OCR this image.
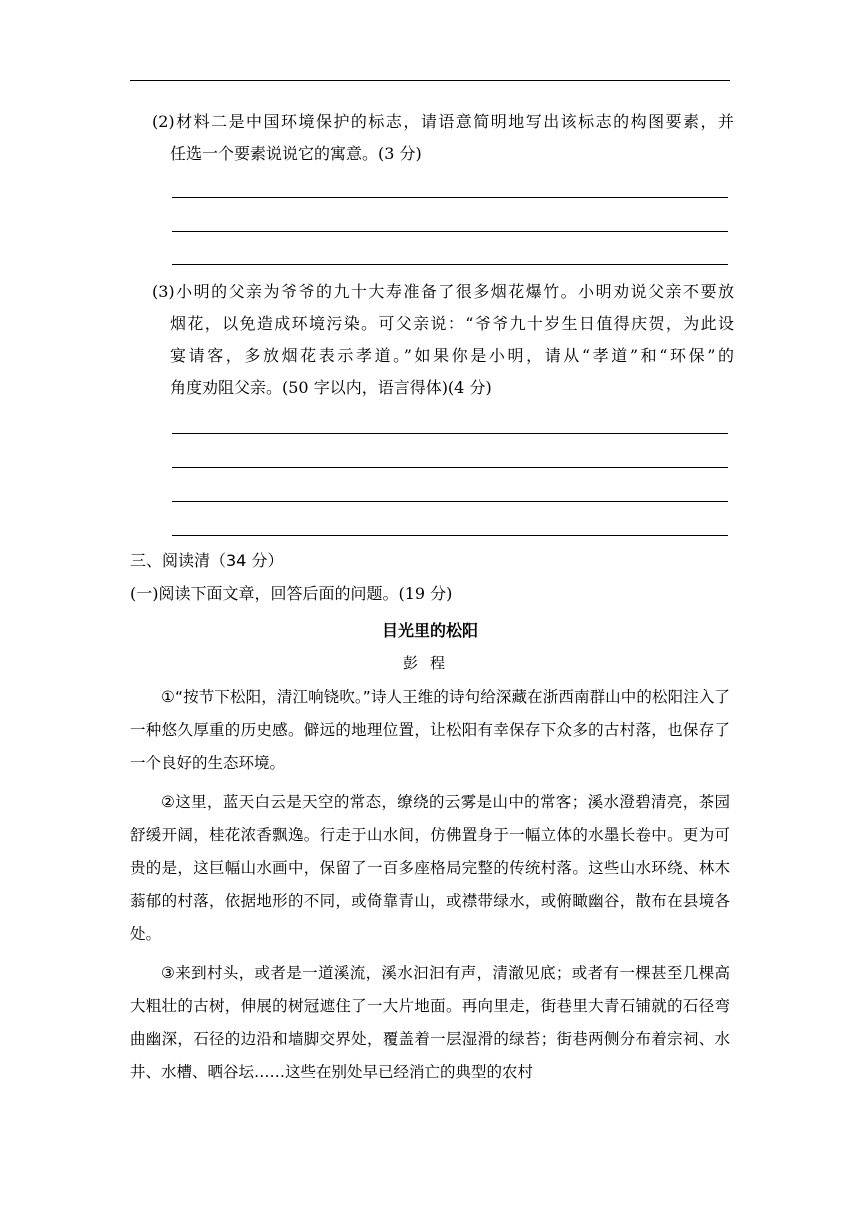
(2)材料二是中国环境保护的标志，请语意简明地写出该标志的构图要素，并

任选一个要素说说它的寓意。(3 分)

(3)小明的父亲为爷爷的九十大寿准备了很多烟花爆竹。小明劝说父亲不要放

烟花，以免造成环境污染。可父亲说：“爷爷九十岁生日值得庆贺，为此设

宴请客，多放烟花表示孝道。”如果你是小明，请从“孝道”和“环保”的

角度劝阻父亲。(50 字以内，语言得体)(4 分)

三、阅读清（34 分）
(一)阅读下面文章，回答后面的问题。(19 分)
目光里的松阳
彭程

①“按节下松阳，清江响铙吹。”诗人王维的诗句给深藏在浙西南群山中的松阳注入了一种悠久厚重的历史感。僻远的地理位置，让松阳有幸保存下众多的古村落，也保存了一个良好的生态环境。

②这里，蓝天白云是天空的常态，缭绕的云雾是山中的常客；溪水澄碧清亮，茶园舒缓开阔，桂花浓香飘逸。行走于山水间，仿佛置身于一幅立体的水墨长卷中。更为可贵的是，这巨幅山水画中，保留了一百多座格局完整的传统村落。这些山水环绕、林木蓊郁的村落，依据地形的不同，或倚靠青山，或襟带绿水，或俯瞰幽谷，散布在县境各处。

③来到村头，或者是一道溪流，溪水汩汩有声，清澈见底；或者有一棵甚至几棵高大粗壮的古树，伸展的树冠遮住了一大片地面。再向里走，街巷里大青石铺就的石径弯曲幽深，石径的边沿和墙脚交界处，覆盖着一层湿滑的绿苔；街巷两侧分布着宗祠、水井、水槽、晒谷坛……这些在别处早已经消亡的典型的农村
